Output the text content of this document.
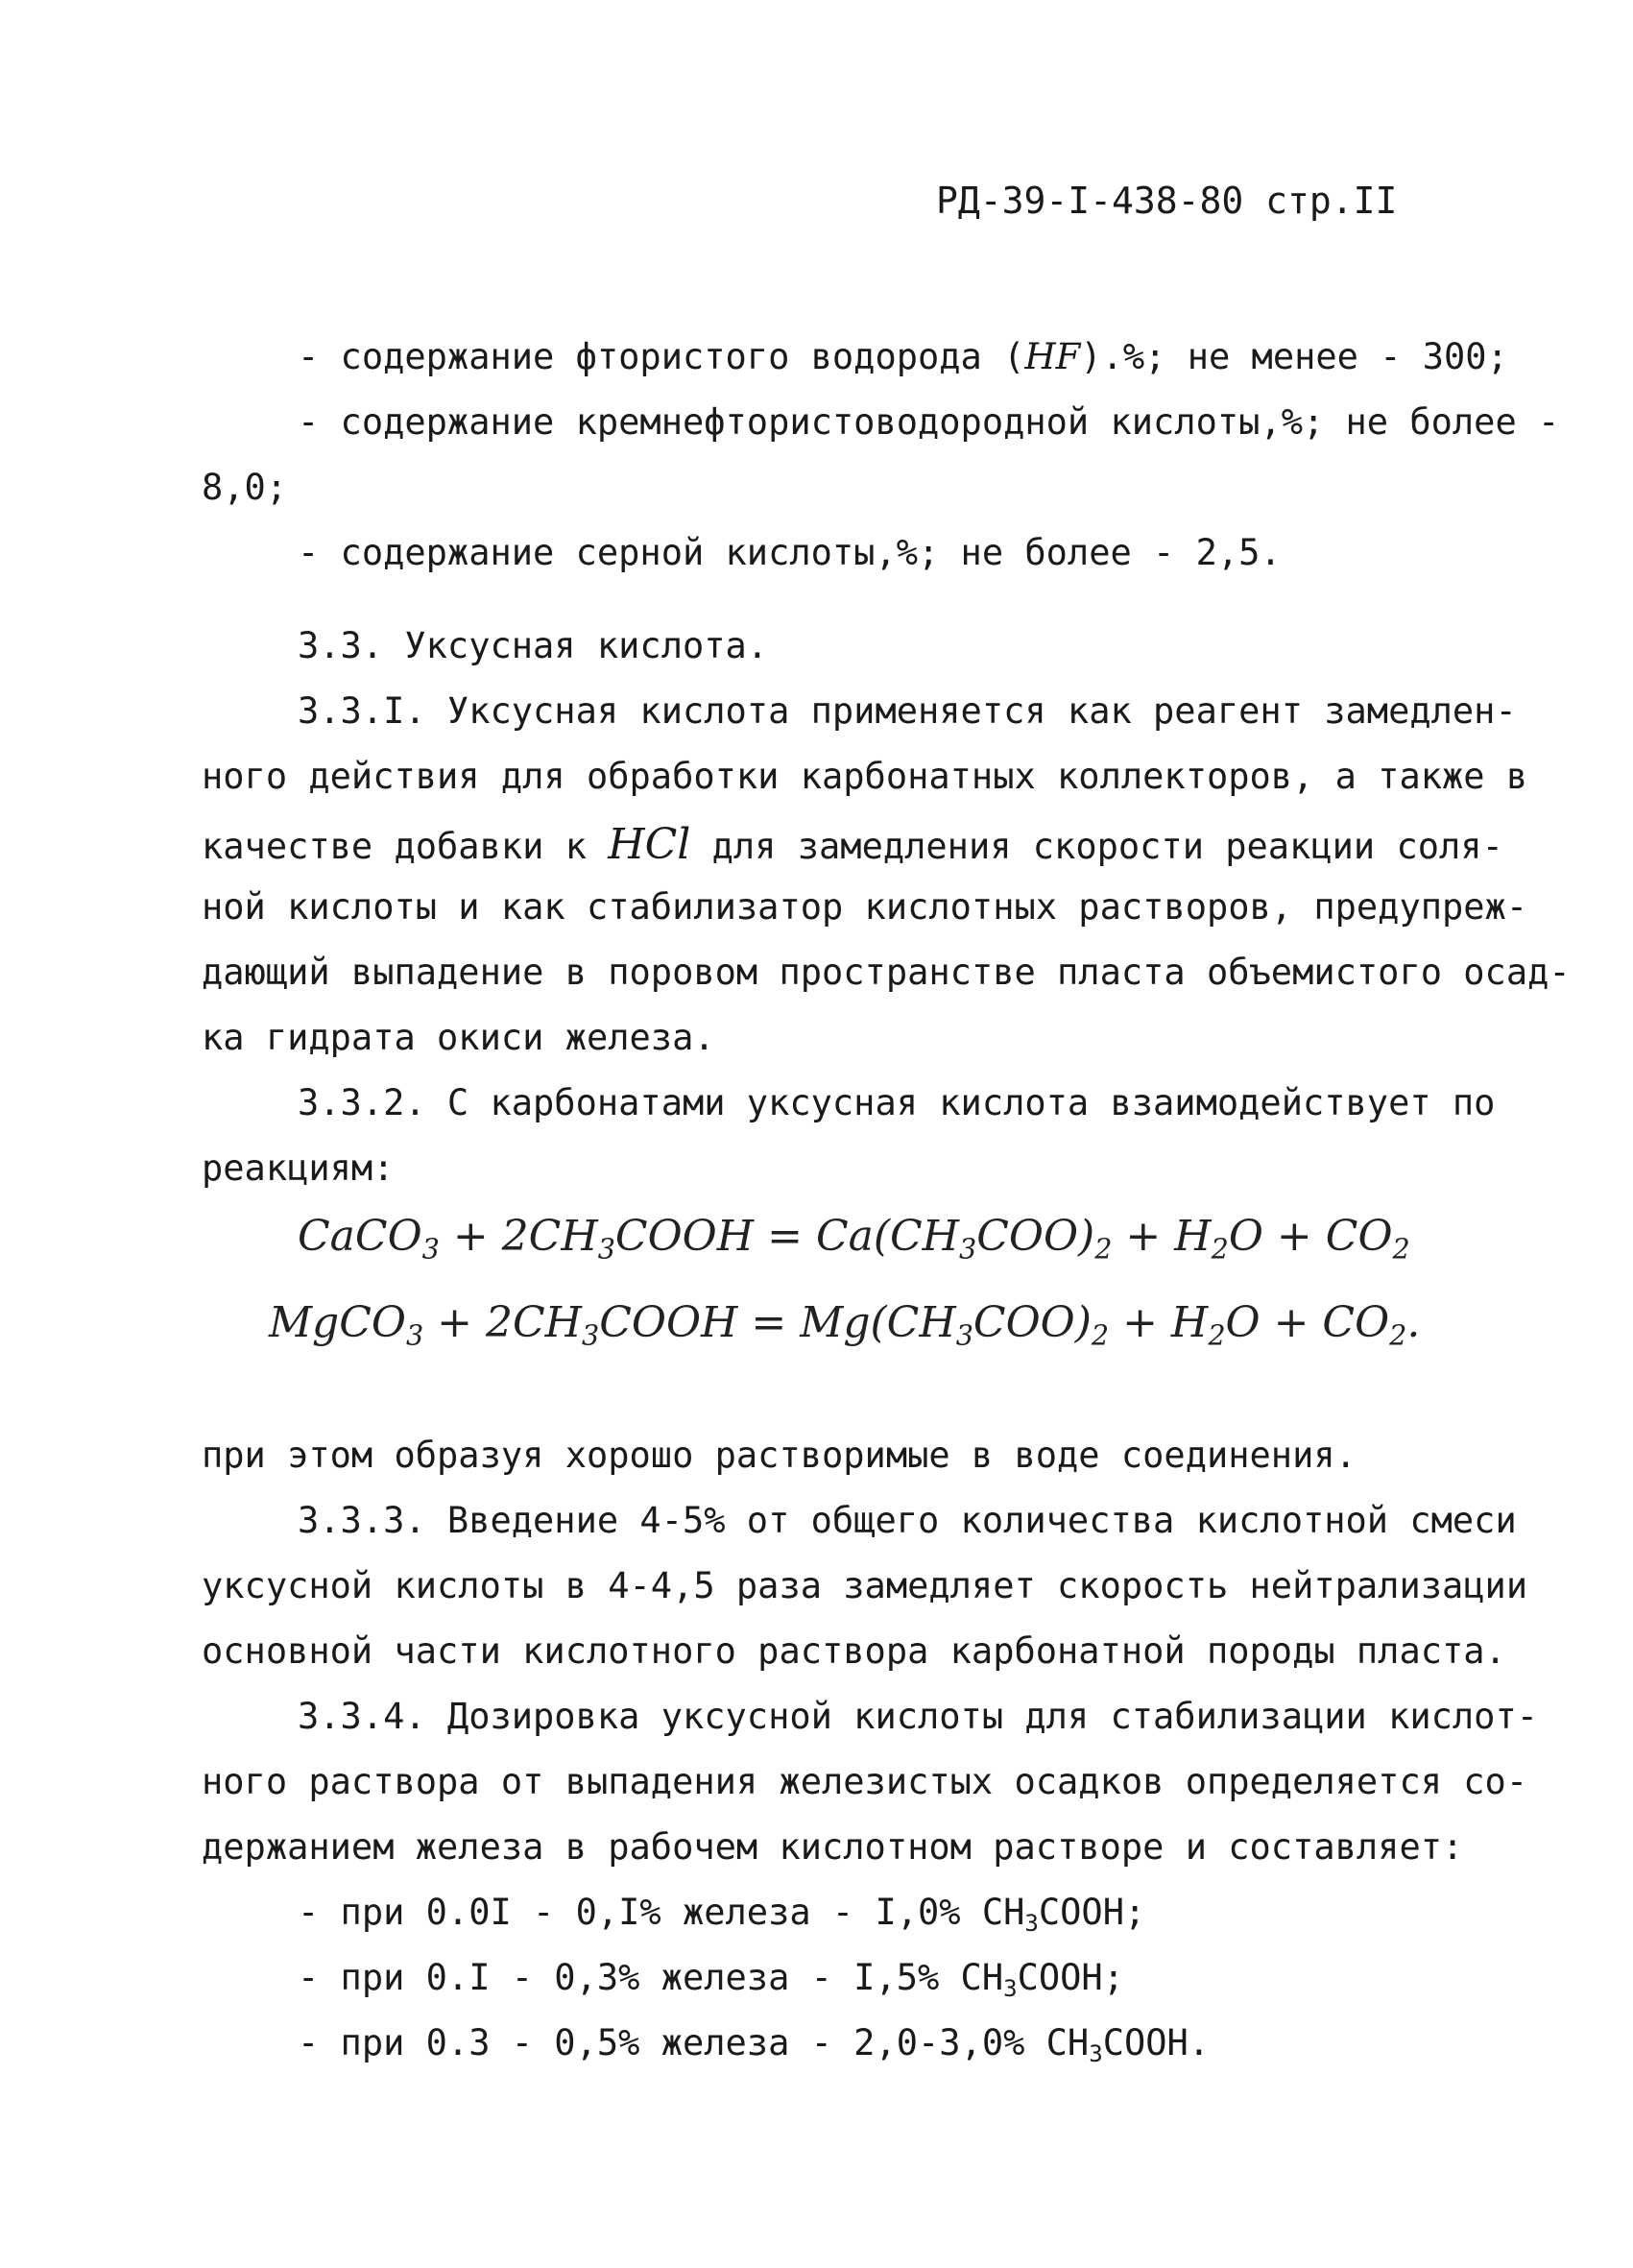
РД-39-I-438-80 стр.II
- содержание фтористого водорода (HF).%; не менее - 300;
- содержание кремнефтористоводородной кислоты,%; не более -
8,0;
- содержание серной кислоты,%; не более - 2,5.
3.3. Уксусная кислота.
3.3.I. Уксусная кислота применяется как реагент замедлен-
ного действия для обработки карбонатных коллекторов, а также в
качестве добавки к HCl для замедления скорости реакции соля-
ной кислоты и как стабилизатор кислотных растворов, предупреж-
дающий выпадение в поровом пространстве пласта объемистого осад-
ка гидрата окиси железа.
3.3.2. С карбонатами уксусная кислота взаимодействует по
реакциям:
CaCO$_3$ + $2CH_3COOH = Ca(CH_3COO)_2 + H_2O + CO_2$
MgCO$_3$ + $2CH_3COOH = Mg(CH_3COO)_2 + H_2O + CO_2$.
при этом образуя хорошо растворимые в воде соединения.
3.3.3. Введение 4-5% от общего количества кислотной смеси
уксусной кислоты в 4-4,5 раза замедляет скорость нейтрализации
основной части кислотного раствора карбонатной породы пласта.
3.3.4. Дозировка уксусной кислоты для стабилизации кислот-
ного раствора от выпадения железистых осадков определяется со-
держанием железа в рабочем кислотном растворе и составляет:
- при 0.0I - 0,I% железа - I,0% $CH_3COOH$;
- при 0.I - 0,3% железа - I,5% $CH_3COOH$;
- при 0.3 - 0,5% железа - 2,0-3,0% $CH_3COOH$.
